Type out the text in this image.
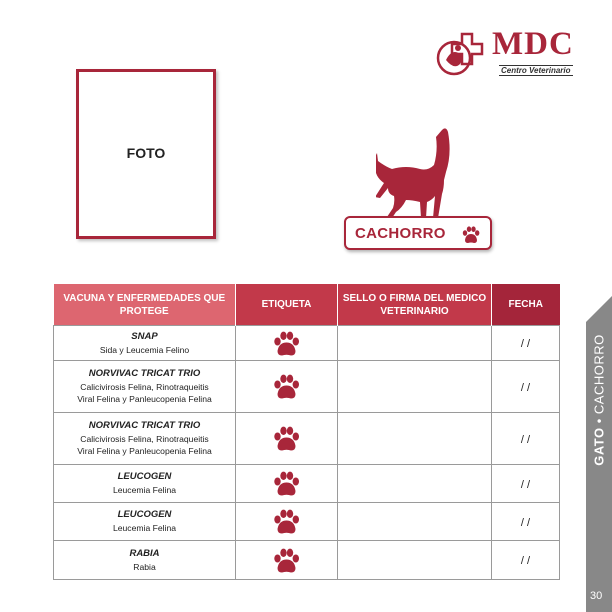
FOTO
MDC
Centro Veterinario
CACHORRO
VACUNA Y ENFERMEDADES QUE PROTEGE	ETIQUETA	SELLO O FIRMA DEL MEDICO VETERINARIO	FECHA

SNAP
Sida y Leucemia Felino			/ /

NORVIVAC TRICAT TRIO
Calicivirosis Felina, Rinotraqueitis
Viral Felina y Panleucopenia Felina			/ /

NORVIVAC TRICAT TRIO
Calicivirosis Felina, Rinotraqueitis
Viral Felina y Panleucopenia Felina			/ /

LEUCOGEN
Leucemia Felina			/ /

LEUCOGEN
Leucemia Felina			/ /

RABIA
Rabia			/ /
GATO • CACHORRO
30
